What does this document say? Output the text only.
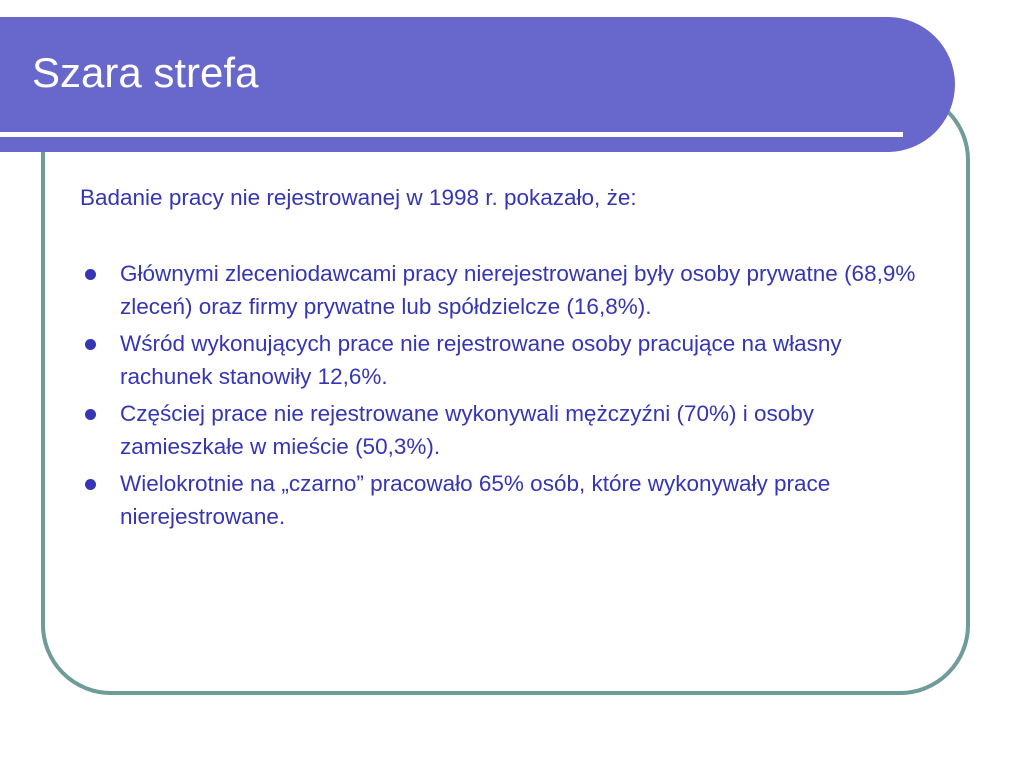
Szara strefa

Badanie pracy nie rejestrowanej w 1998 r. pokazało, że:

Głównymi zleceniodawcami pracy nierejestrowanej były osoby prywatne (68,9% zleceń) oraz firmy prywatne lub spółdzielcze (16,8%).
Wśród wykonujących prace nie rejestrowane osoby pracujące na własny rachunek stanowiły 12,6%.
Częściej prace nie rejestrowane wykonywali mężczyźni (70%) i osoby zamieszkałe w mieście (50,3%).
Wielokrotnie na „czarno” pracowało 65% osób, które wykonywały prace nierejestrowane.
